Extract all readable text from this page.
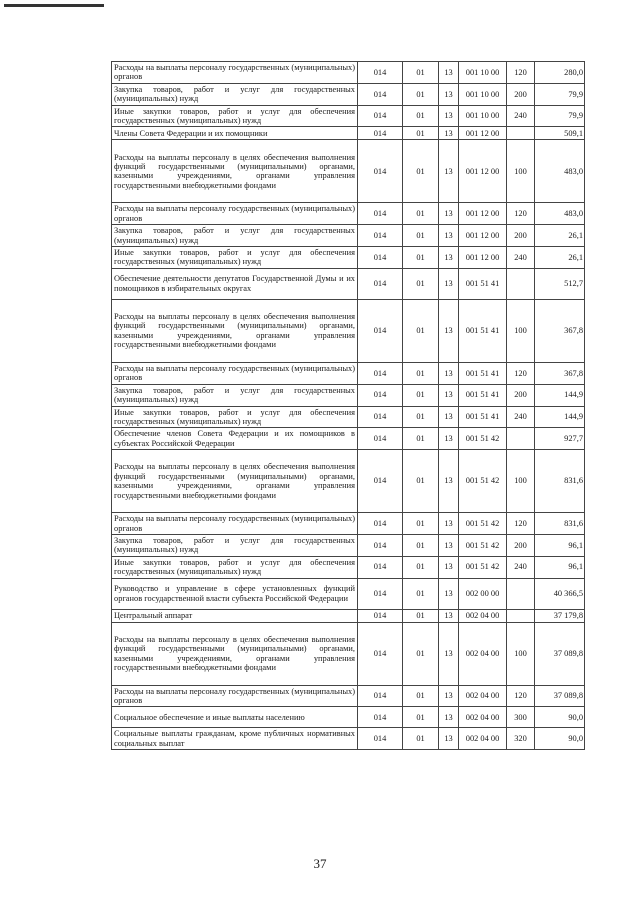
Расходы на выплаты персоналу государственных (муниципальных) органов	014	01	13	001 10 00	120	280,0
Закупка товаров, работ и услуг для государственных (муниципальных) нужд	014	01	13	001 10 00	200	79,9
Иные закупки товаров, работ и услуг для обеспечения государственных (муниципальных) нужд	014	01	13	001 10 00	240	79,9
Члены Совета Федерации и их помощники	014	01	13	001 12 00		509,1
Расходы на выплаты персоналу в целях обеспечения выполнения функций государственными (муниципальными) органами, казенными учреждениями, органами управления государственными внебюджетными фондами	014	01	13	001 12 00	100	483,0
Расходы на выплаты персоналу государственных (муниципальных) органов	014	01	13	001 12 00	120	483,0
Закупка товаров, работ и услуг для государственных (муниципальных) нужд	014	01	13	001 12 00	200	26,1
Иные закупки товаров, работ и услуг для обеспечения государственных (муниципальных) нужд	014	01	13	001 12 00	240	26,1
Обеспечение деятельности депутатов Государственной Думы и их помощников в избирательных округах	014	01	13	001 51 41		512,7
Расходы на выплаты персоналу в целях обеспечения выполнения функций государственными (муниципальными) органами, казенными учреждениями, органами управления государственными внебюджетными фондами	014	01	13	001 51 41	100	367,8
Расходы на выплаты персоналу государственных (муниципальных) органов	014	01	13	001 51 41	120	367,8
Закупка товаров, работ и услуг для государственных (муниципальных) нужд	014	01	13	001 51 41	200	144,9
Иные закупки товаров, работ и услуг для обеспечения государственных (муниципальных) нужд	014	01	13	001 51 41	240	144,9
Обеспечение членов Совета Федерации и их помощников в субъектах Российской Федерации	014	01	13	001 51 42		927,7
Расходы на выплаты персоналу в целях обеспечения выполнения функций государственными (муниципальными) органами, казенными учреждениями, органами управления государственными внебюджетными фондами	014	01	13	001 51 42	100	831,6
Расходы на выплаты персоналу государственных (муниципальных) органов	014	01	13	001 51 42	120	831,6
Закупка товаров, работ и услуг для государственных (муниципальных) нужд	014	01	13	001 51 42	200	96,1
Иные закупки товаров, работ и услуг для обеспечения государственных (муниципальных) нужд	014	01	13	001 51 42	240	96,1
Руководство и управление в сфере установленных функций органов государственной власти субъекта Российской Федерации	014	01	13	002 00 00		40 366,5
Центральный аппарат	014	01	13	002 04 00		37 179,8
Расходы на выплаты персоналу в целях обеспечения выполнения функций государственными (муниципальными) органами, казенными учреждениями, органами управления государственными внебюджетными фондами	014	01	13	002 04 00	100	37 089,8
Расходы на выплаты персоналу государственных (муниципальных) органов	014	01	13	002 04 00	120	37 089,8
Социальное обеспечение и иные выплаты населению	014	01	13	002 04 00	300	90,0
Социальные выплаты гражданам, кроме публичных нормативных социальных выплат	014	01	13	002 04 00	320	90,0
37
